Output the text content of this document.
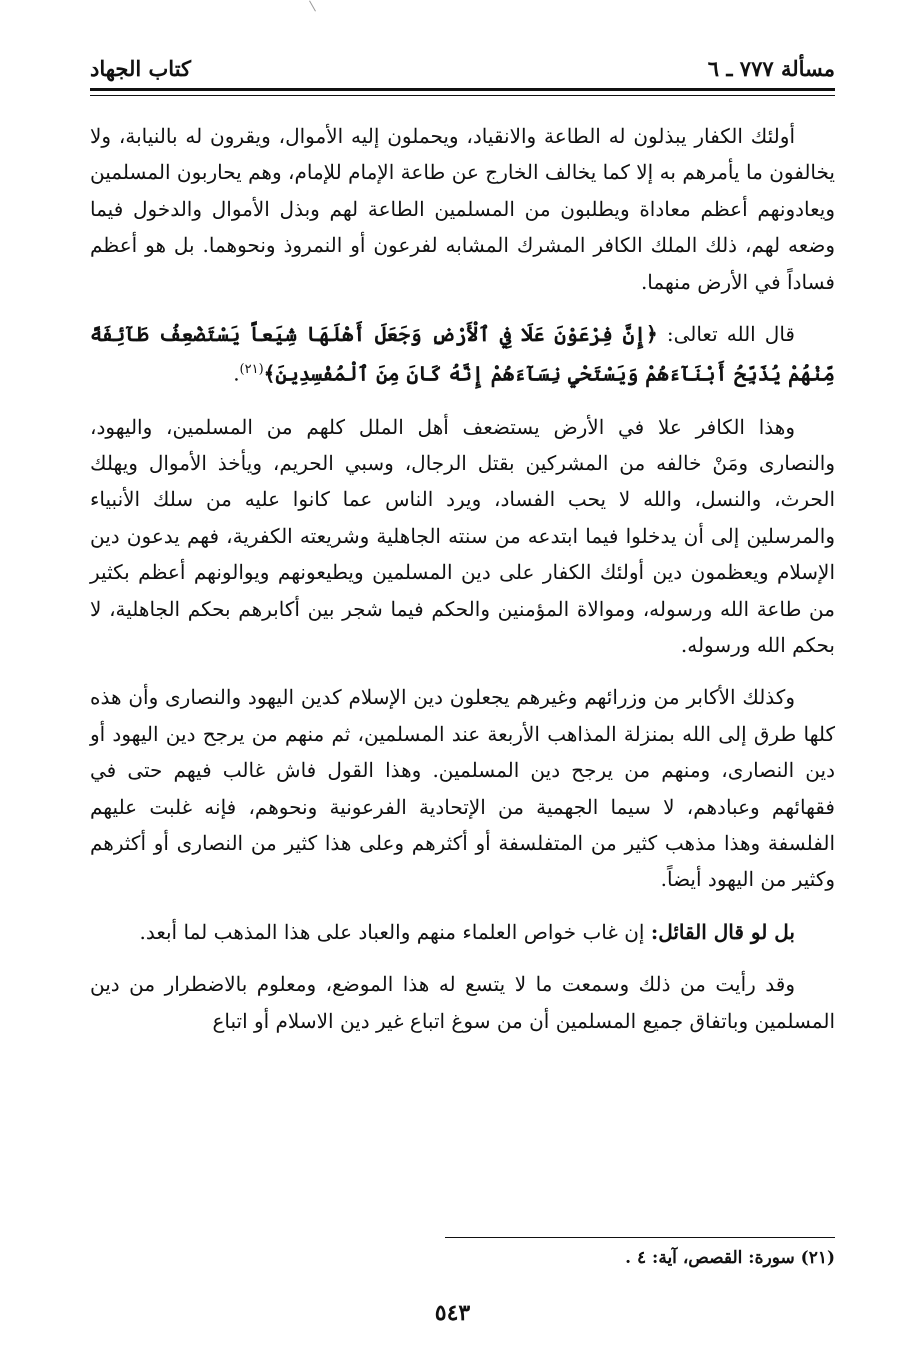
مسألة ٧٧٧ ـ ٦
كتاب الجهاد

أولئك الكفار يبذلون له الطاعة والانقياد، ويحملون إليه الأموال، ويقرون له بالنيابة، ولا يخالفون ما يأمرهم به إلا كما يخالف الخارج عن طاعة الإمام للإمام، وهم يحاربون المسلمين ويعادونهم أعظم معاداة ويطلبون من المسلمين الطاعة لهم وبذل الأموال والدخول فيما وضعه لهم، ذلك الملك الكافر المشرك المشابه لفرعون أو النمروذ ونحوهما. بل هو أعظم فساداً في الأرض منهما.

قال الله تعالى: ﴿إِنَّ فِرْعَوْنَ عَلَا فِي ٱلْأَرْضِ وَجَعَلَ أَهْلَهَا شِيَعاً يَسْتَضْعِفُ طَآئِفَةً مِّنْهُمْ يُذَبِّحُ أَبْنَآءَهُمْ وَيَسْتَحْيِ نِسَآءَهُمْ إِنَّهُ كَانَ مِنَ ٱلْمُفْسِدِينَ﴾$^{(٢١)}$.

وهذا الكافر علا في الأرض يستضعف أهل الملل كلهم من المسلمين، واليهود، والنصارى ومَنْ خالفه من المشركين بقتل الرجال، وسبي الحريم، ويأخذ الأموال ويهلك الحرث، والنسل، والله لا يحب الفساد، ويرد الناس عما كانوا عليه من سلك الأنبياء والمرسلين إلى أن يدخلوا فيما ابتدعه من سنته الجاهلية وشريعته الكفرية، فهم يدعون دين الإسلام ويعظمون دين أولئك الكفار على دين المسلمين ويطيعونهم ويوالونهم أعظم بكثير من طاعة الله ورسوله، وموالاة المؤمنين والحكم فيما شجر بين أكابرهم بحكم الجاهلية، لا بحكم الله ورسوله.

وكذلك الأكابر من وزرائهم وغيرهم يجعلون دين الإسلام كدين اليهود والنصارى وأن هذه كلها طرق إلى الله بمنزلة المذاهب الأربعة عند المسلمين، ثم منهم من يرجح دين اليهود أو دين النصارى، ومنهم من يرجح دين المسلمين. وهذا القول فاش غالب فيهم حتى في فقهائهم وعبادهم، لا سيما الجهمية من الإتحادية الفرعونية ونحوهم، فإنه غلبت عليهم الفلسفة وهذا مذهب كثير من المتفلسفة أو أكثرهم وعلى هذا كثير من النصارى أو أكثرهم وكثير من اليهود أيضاً.

بل لو قال القائل: إن غاب خواص العلماء منهم والعباد على هذا المذهب لما أبعد.

وقد رأيت من ذلك وسمعت ما لا يتسع له هذا الموضع، ومعلوم بالاضطرار من دين المسلمين وباتفاق جميع المسلمين أن من سوغ اتباع غير دين الاسلام أو اتباع

(٢١) سورة: القصص، آية: ٤ .
٥٤٣
